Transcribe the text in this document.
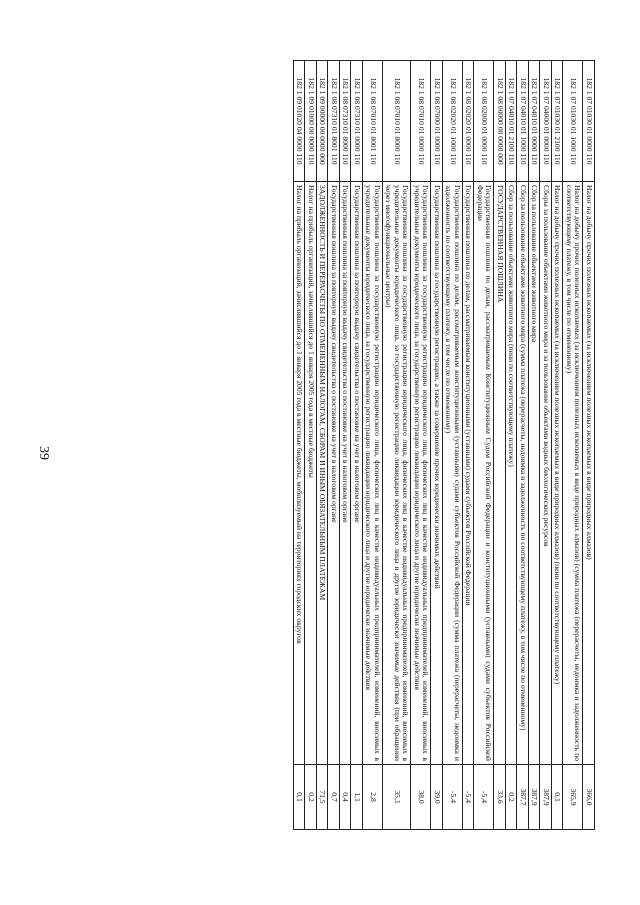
39
182 1 07 01030 01 0000 110	Налог на добычу прочих полезных ископаемых (за исключением полезных ископаемых в виде природных алмазов)	366,0
182 1 07 01030 01 1000 110	Налог на добычу прочих полезных ископаемых (за исключением полезных ископаемых в виде природных алмазов) (сумма платежа (перерасчеты, недоимка и задолженность по соответствующему платежу, в том числе по отмененному)	365,9
182 1 07 01030 01 2100 110	Налог на добычу прочих полезных ископаемых (за исключением полезных ископаемых в виде природных алмазов) (пени по соответствующему платежу)	0,1
182 1 07 04000 01 0000 110	Сборы за пользование объектами животного мира и за пользование объектами водных биологических ресурсов	387,9
182 1 07 04010 01 0000 110	Сбор за пользование объектами животного мира	387,9
182 1 07 04010 01 1000 110	Сбор за пользование объектами животного мира (сумма платежа (перерасчеты, недоимка и задолженность по соответствующему платежу, в том числе по отмененному)	387,7
182 1 07 04010 01 2100 110	Сбор за пользование объектами животного мира (пени по соответствующему платежу)	0,2
182 1 08 00000 00 0000 000	ГОСУДАРСТВЕННАЯ ПОШЛИНА	33,6
182 1 08 02000 01 0000 110	Государственная пошлина по делам, рассматриваемым Конституционным Судом Российской Федерации и конституционными (уставными) судами субъектов Российской Федерации	-5,4
182 1 08 02020 01 0000 110	Государственная пошлина по делам, рассматриваемым конституционными (уставными) судами субъектов Российской Федерации	-5,4
182 1 08 02020 01 1000 110	Государственная пошлина по делам, рассматриваемым конституционными (уставными) судами субъектов Российской Федерации (сумма платежа (перерасчеты, недоимка и задолженность по соответствующему платежу, в том числе по отмененному)	-5,4
182 1 08 07000 01 0000 110	Государственная пошлина за государственную регистрацию, а также за совершение прочих юридически значимых действий	39,0
182 1 08 07010 01 0000 110	Государственная пошлина за государственную регистрацию юридического лица, физических лиц в качестве индивидуальных предпринимателей, изменений, вносимых в учредительные документы юридического лица, за государственную регистрацию ликвидации юридического лица и другие юридически значимые действия	38,0
182 1 08 07010 01 8000 110	Государственная пошлина за государственную регистрацию юридического лица, физических лиц в качестве индивидуальных предпринимателей, изменений, вносимых в учредительные документы юридического лица, за государственную регистрацию ликвидации юридического лица и другие юридически значимые действия (при обращении через многофункциональные центры)	35,1
182 1 08 07010 01 8001 110	Государственная пошлина за государственную регистрацию юридического лица, физических лиц в качестве индивидуальных предпринимателей, изменений, вносимых в учредительные документы юридического лица, за государственную регистрацию ликвидации юридического лица и другие юридически значимые действия	2,8
182 1 08 07310 01 0000 110	Государственная пошлина за повторную выдачу свидетельства о постановке на учет в налоговом органе	1,1
182 1 08 07310 01 8000 110	Государственная пошлина за повторную выдачу свидетельства о постановке на учет в налоговом органе	0,4
182 1 08 07310 01 8001 110	Государственная пошлина за повторную выдачу свидетельства о постановке на учет в налоговом органе	0,7
182 1 09 00000 00 0000 000	ЗАДОЛЖЕННОСТЬ И ПЕРЕРАСЧЕТЫ ПО ОТМЕНЕННЫМ НАЛОГАМ, СБОРАМ И ИНЫМ ОБЯЗАТЕЛЬНЫМ ПЛАТЕЖАМ	71,5
182 1 09 01000 00 0000 110	Налог на прибыль организаций, зачислявшийся до 1 января 2005 года в местные бюджеты	0,2
182 1 09 01020 04 0000 110	Налог на прибыль организаций, зачислявшийся до 1 января 2005 года в местные бюджеты, мобилизуемый на территориях городских округов	0,1
